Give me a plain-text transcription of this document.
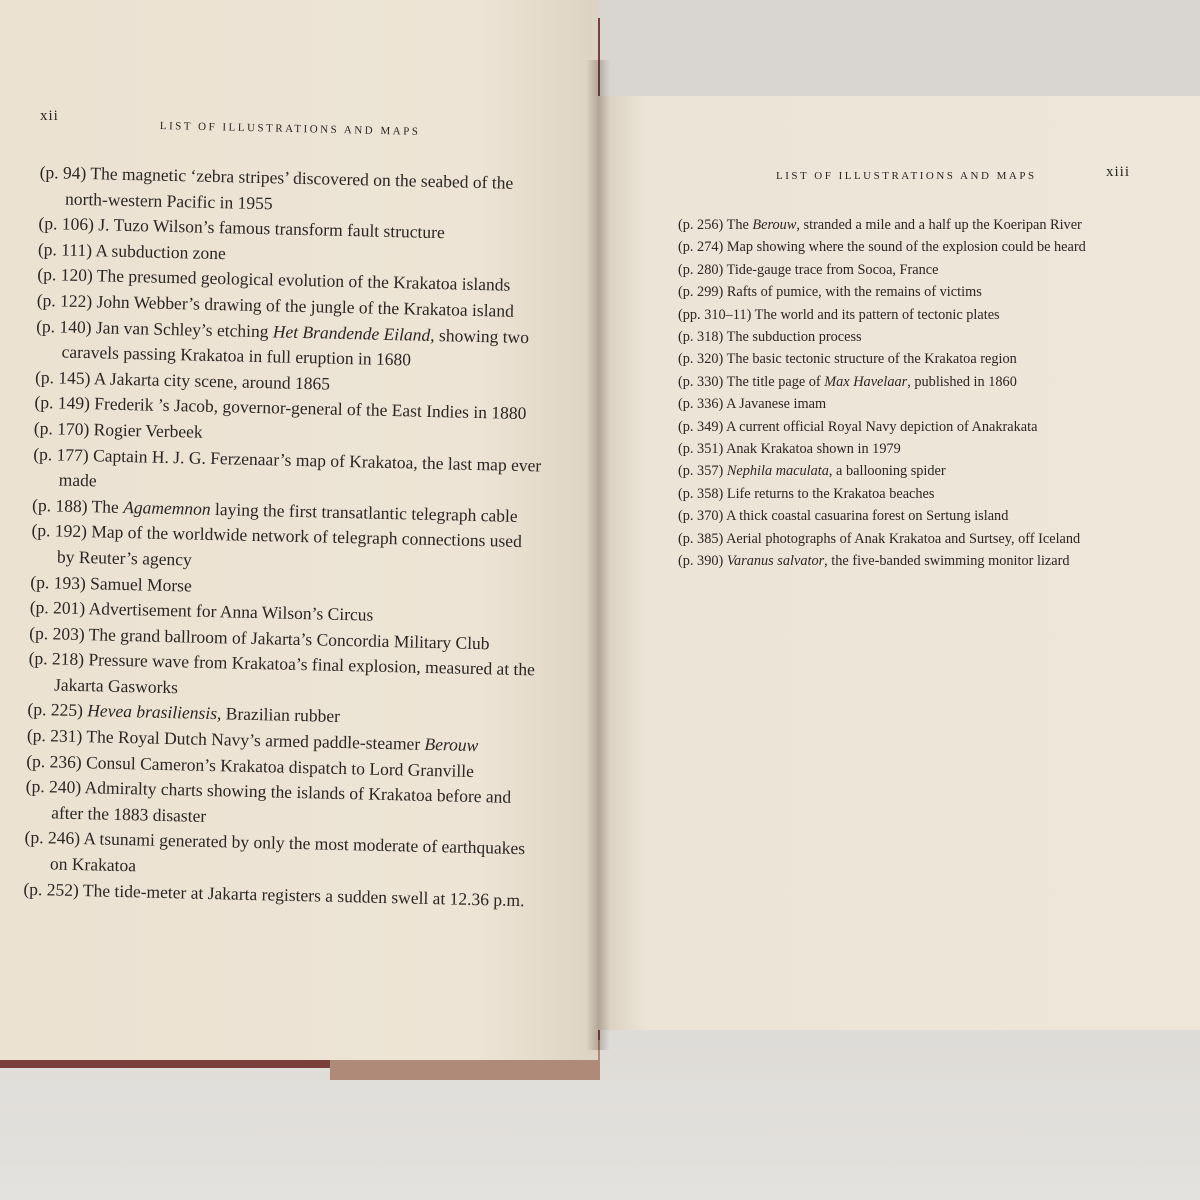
xii
LIST OF ILLUSTRATIONS AND MAPS
(p. 94) The magnetic ‘zebra stripes’ discovered on the seabed of the north-western Pacific in 1955
(p. 106) J. Tuzo Wilson’s famous transform fault structure
(p. 111) A subduction zone
(p. 120) The presumed geological evolution of the Krakatoa islands
(p. 122) John Webber’s drawing of the jungle of the Krakatoa island
(p. 140) Jan van Schley’s etching Het Brandende Eiland, showing two caravels passing Krakatoa in full eruption in 1680
(p. 145) A Jakarta city scene, around 1865
(p. 149) Frederik ’s Jacob, governor-general of the East Indies in 1880
(p. 170) Rogier Verbeek
(p. 177) Captain H. J. G. Ferzenaar’s map of Krakatoa, the last map ever made
(p. 188) The Agamemnon laying the first transatlantic telegraph cable
(p. 192) Map of the worldwide network of telegraph connections used by Reuter’s agency
(p. 193) Samuel Morse
(p. 201) Advertisement for Anna Wilson’s Circus
(p. 203) The grand ballroom of Jakarta’s Concordia Military Club
(p. 218) Pressure wave from Krakatoa’s final explosion, measured at the Jakarta Gasworks
(p. 225) Hevea brasiliensis, Brazilian rubber
(p. 231) The Royal Dutch Navy’s armed paddle-steamer Berouw
(p. 236) Consul Cameron’s Krakatoa dispatch to Lord Granville
(p. 240) Admiralty charts showing the islands of Krakatoa before and after the 1883 disaster
(p. 246) A tsunami generated by only the most moderate of earthquakes on Krakatoa
(p. 252) The tide-meter at Jakarta registers a sudden swell at 12.36 p.m.
LIST OF ILLUSTRATIONS AND MAPS	xiii
(p. 256) The Berouw, stranded a mile and a half up the Koeripan River
(p. 274) Map showing where the sound of the explosion could be heard
(p. 280) Tide-gauge trace from Socoa, France
(p. 299) Rafts of pumice, with the remains of victims
(pp. 310–11) The world and its pattern of tectonic plates
(p. 318) The subduction process
(p. 320) The basic tectonic structure of the Krakatoa region
(p. 330) The title page of Max Havelaar, published in 1860
(p. 336) A Javanese imam
(p. 349) A current official Royal Navy depiction of Anakrakata
(p. 351) Anak Krakatoa shown in 1979
(p. 357) Nephila maculata, a ballooning spider
(p. 358) Life returns to the Krakatoa beaches
(p. 370) A thick coastal casuarina forest on Sertung island
(p. 385) Aerial photographs of Anak Krakatoa and Surtsey, off Iceland
(p. 390) Varanus salvator, the five-banded swimming monitor lizard
